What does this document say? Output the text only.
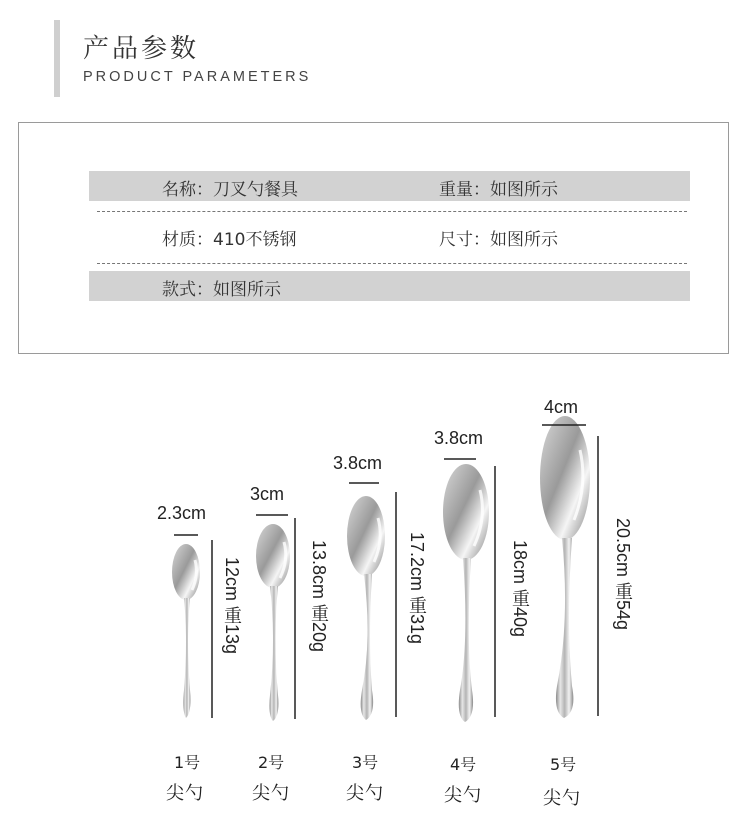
产品参数
PRODUCT PARAMETERS
名称：刀叉勺餐具	重量：如图所示
材质：410不锈钢	尺寸：如图所示
款式：如图所示
2.3cm
3cm
3.8cm
3.8cm
4cm
12cm 重13g	13.8cm 重20g	17.2cm 重31g	18cm 重40g	20.5cm 重54g
1号	2号	3号	4号	5号
尖勺	尖勺	尖勺	尖勺	尖勺
